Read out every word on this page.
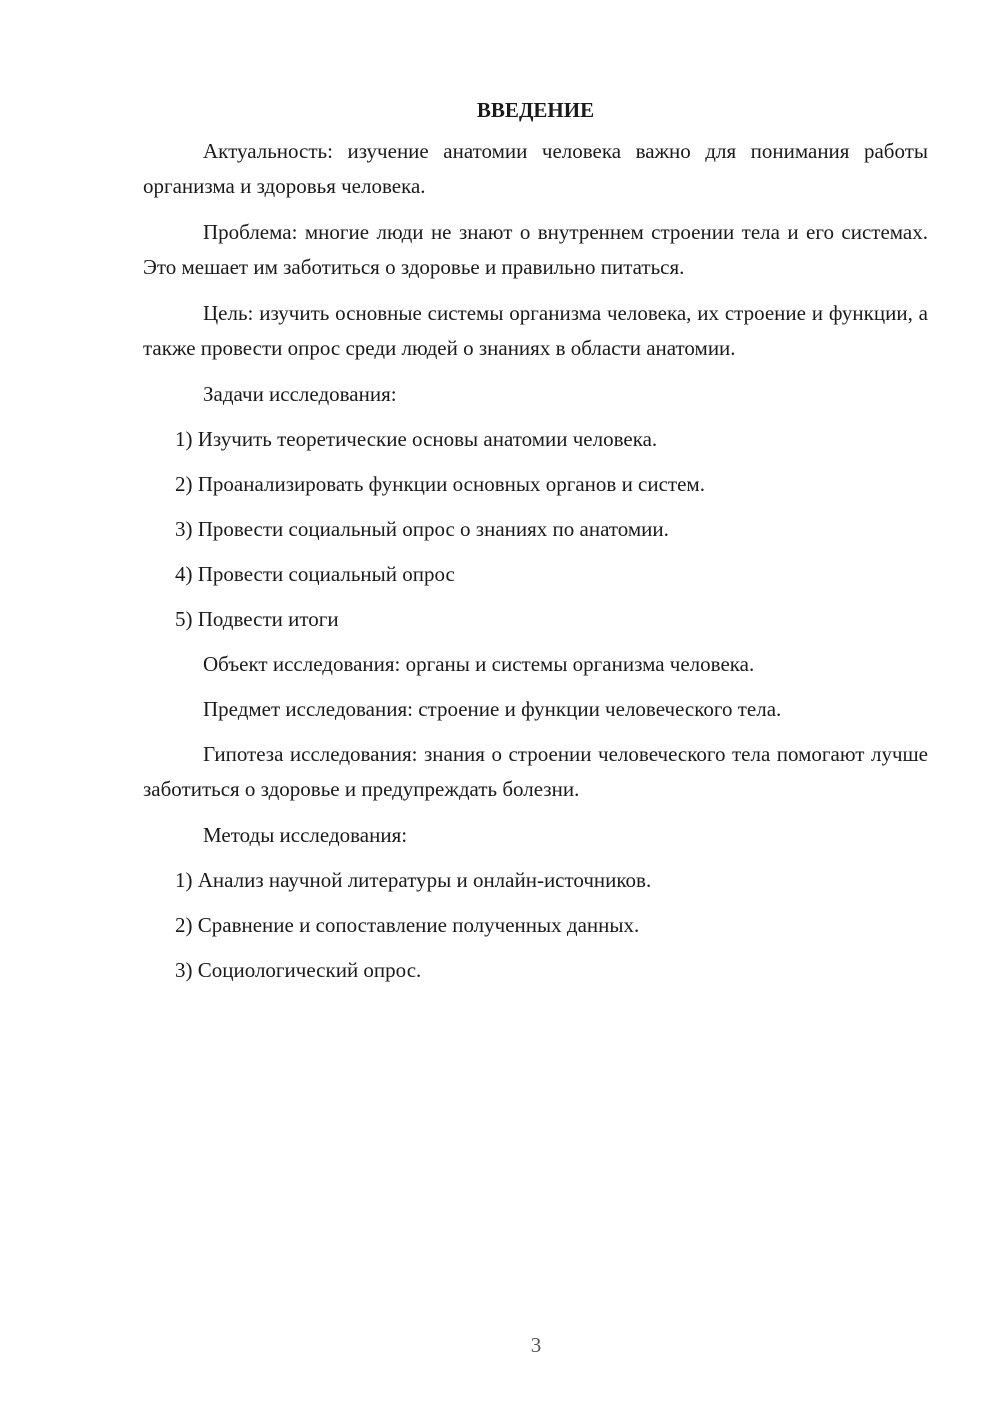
ВВЕДЕНИЕ

Актуальность: изучение анатомии человека важно для понимания работы организма и здоровья человека.

Проблема: многие люди не знают о внутреннем строении тела и его системах. Это мешает им заботиться о здоровье и правильно питаться.

Цель: изучить основные системы организма человека, их строение и функции, а также провести опрос среди людей о знаниях в области анатомии.

Задачи исследования:
1) Изучить теоретические основы анатомии человека.
2) Проанализировать функции основных органов и систем.
3) Провести социальный опрос о знаниях по анатомии.
4) Провести социальный опрос
5) Подвести итоги
Объект исследования: органы и системы организма человека.
Предмет исследования: строение и функции человеческого тела.

Гипотеза исследования: знания о строении человеческого тела помогают лучше заботиться о здоровье и предупреждать болезни.

Методы исследования:
1) Анализ научной литературы и онлайн-источников.
2) Сравнение и сопоставление полученных данных.
3) Социологический опрос.
3
